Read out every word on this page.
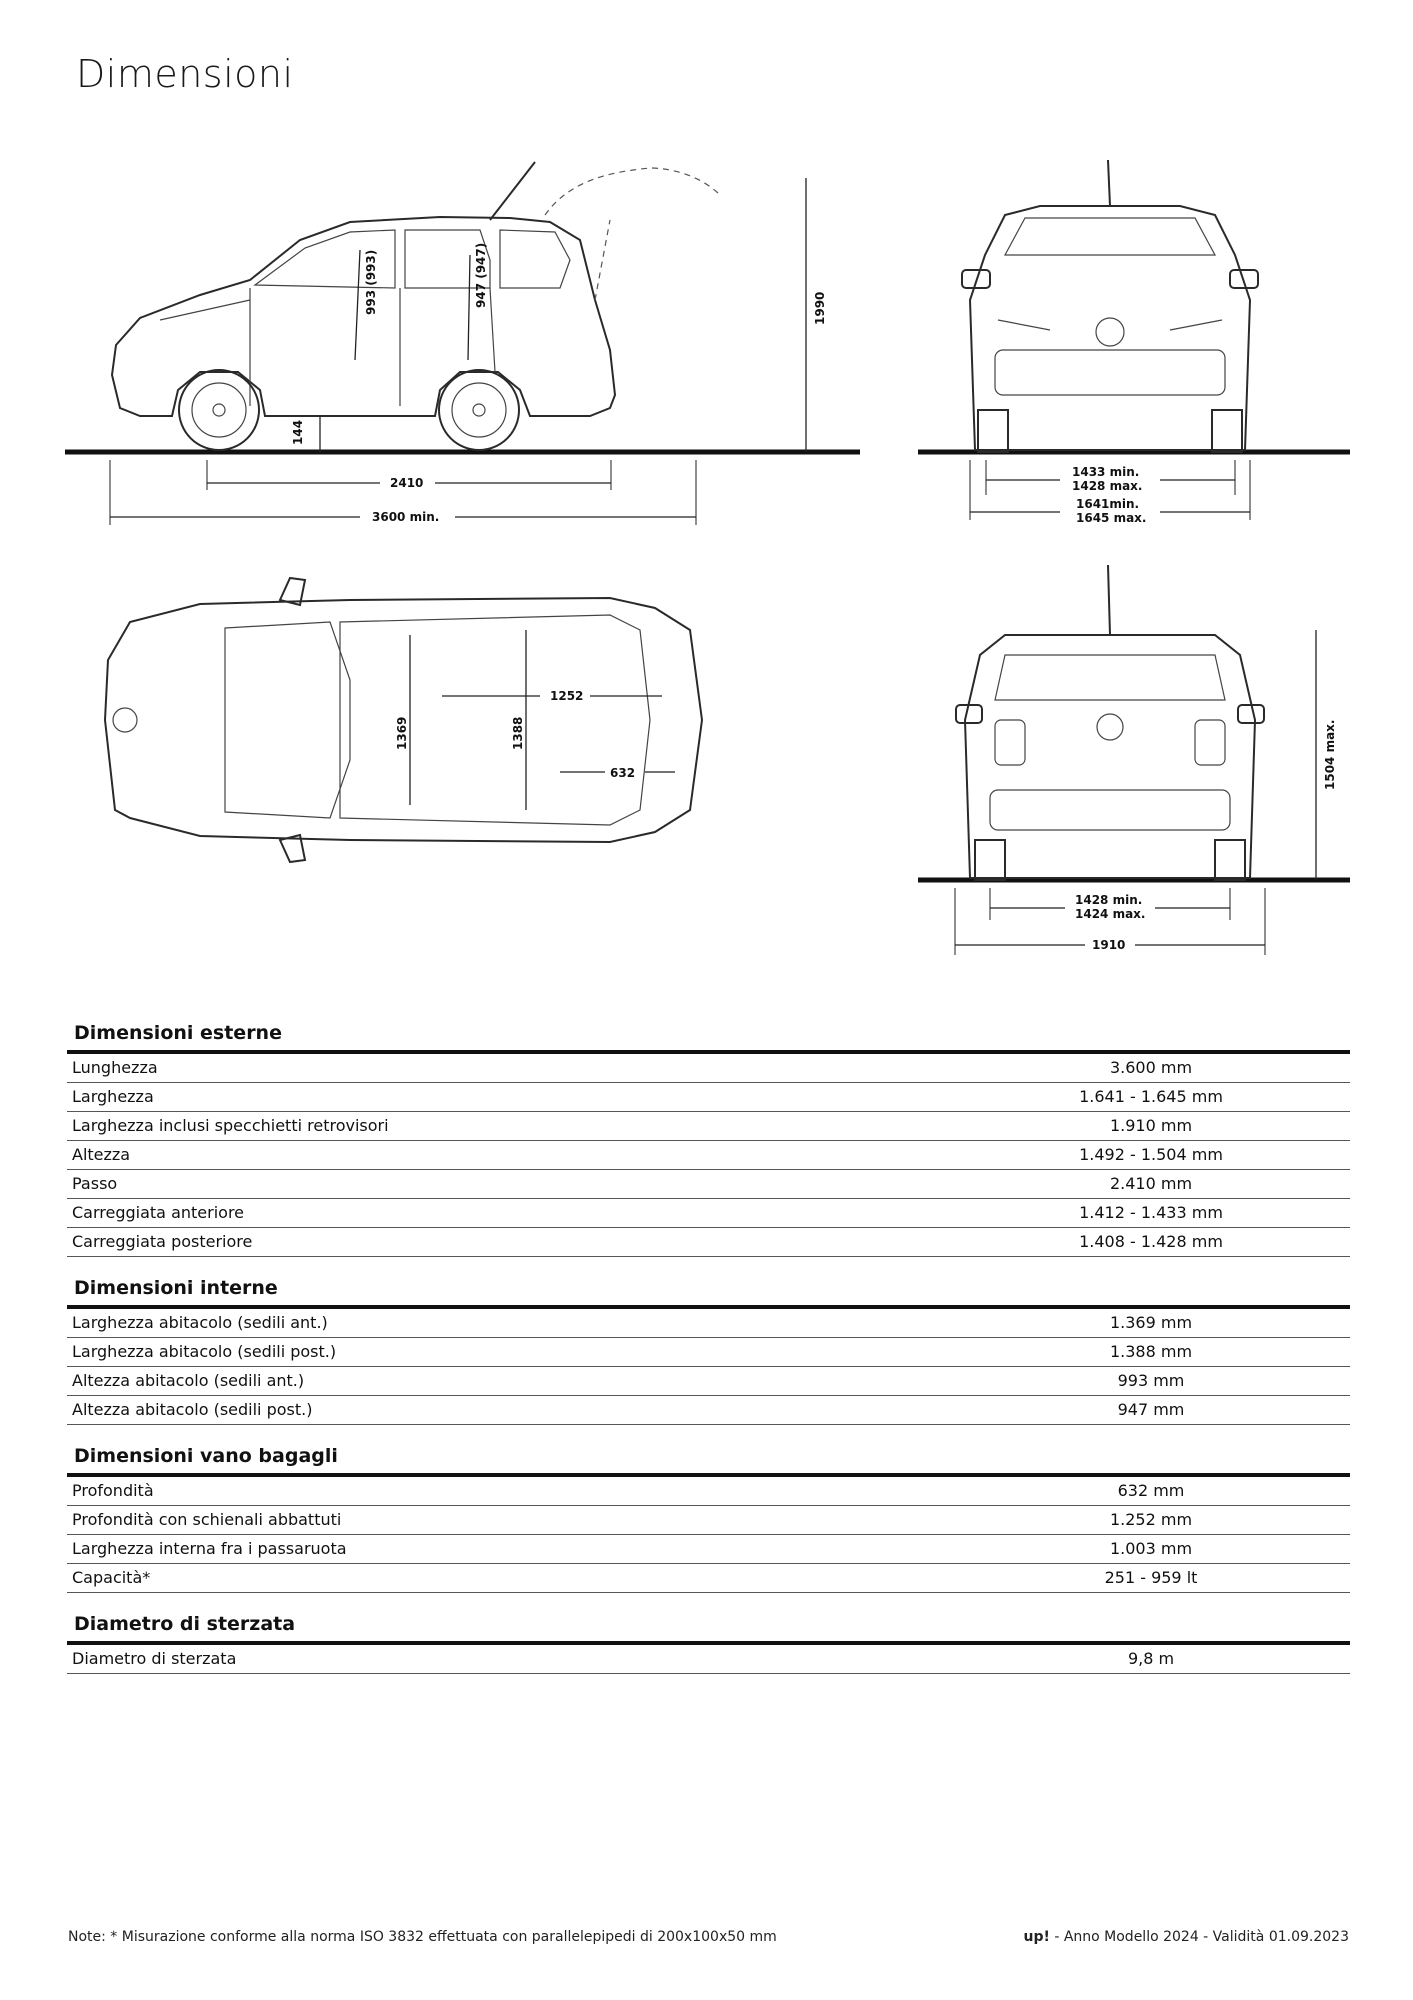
Dimensioni
993 (993)	947 (947)
144
1990
2410
3600 min.
1433 min.
1428 max.
1641min.
1645 max.
1369	1388
1252
632	1504 max.
1428 min.
1424 max.
1910
Dimensioni esterne
Lunghezza	3.600 mm
Larghezza	1.641 - 1.645 mm
Larghezza inclusi specchietti retrovisori	1.910 mm
Altezza	1.492 - 1.504 mm
Passo	2.410 mm
Carreggiata anteriore	1.412 - 1.433 mm
Carreggiata posteriore	1.408 - 1.428 mm
Dimensioni interne
Larghezza abitacolo (sedili ant.)	1.369 mm
Larghezza abitacolo (sedili post.)	1.388 mm
Altezza abitacolo (sedili ant.)	993 mm
Altezza abitacolo (sedili post.)	947 mm
Dimensioni vano bagagli
Profondità	632 mm
Profondità con schienali abbattuti	1.252 mm
Larghezza interna fra i passaruota	1.003 mm
Capacità*	251 - 959 lt
Diametro di sterzata
Diametro di sterzata	9,8 m
Note: * Misurazione conforme alla norma ISO 3832 effettuata con parallelepipedi di 200x100x50 mm	up! - Anno Modello 2024 - Validità 01.09.2023
